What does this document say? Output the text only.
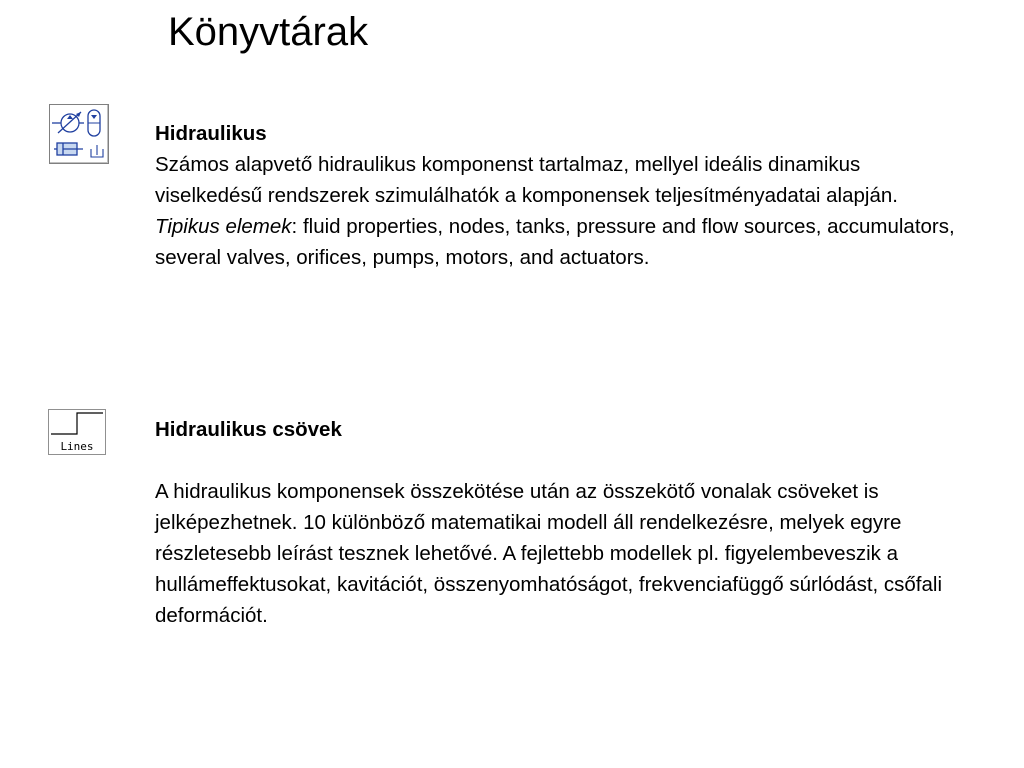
Könyvtárak
Lines
Hidraulikus
Számos alapvető hidraulikus komponenst tartalmaz, mellyel ideális dinamikus viselkedésű rendszerek szimulálhatók a komponensek teljesítményadatai alapján.
Tipikus elemek: fluid properties, nodes, tanks, pressure and flow sources, accumulators, several valves, orifices, pumps, motors, and actuators.
Hidraulikus csövek
A hidraulikus komponensek összekötése után az összekötő vonalak csöveket is jelképezhetnek. 10 különböző matematikai modell áll rendelkezésre, melyek egyre részletesebb leírást tesznek lehetővé. A fejlettebb modellek pl. figyelembeveszik a hullámeffektusokat, kavitációt, összenyomhatóságot, frekvenciafüggő súrlódást, csőfali deformációt.
